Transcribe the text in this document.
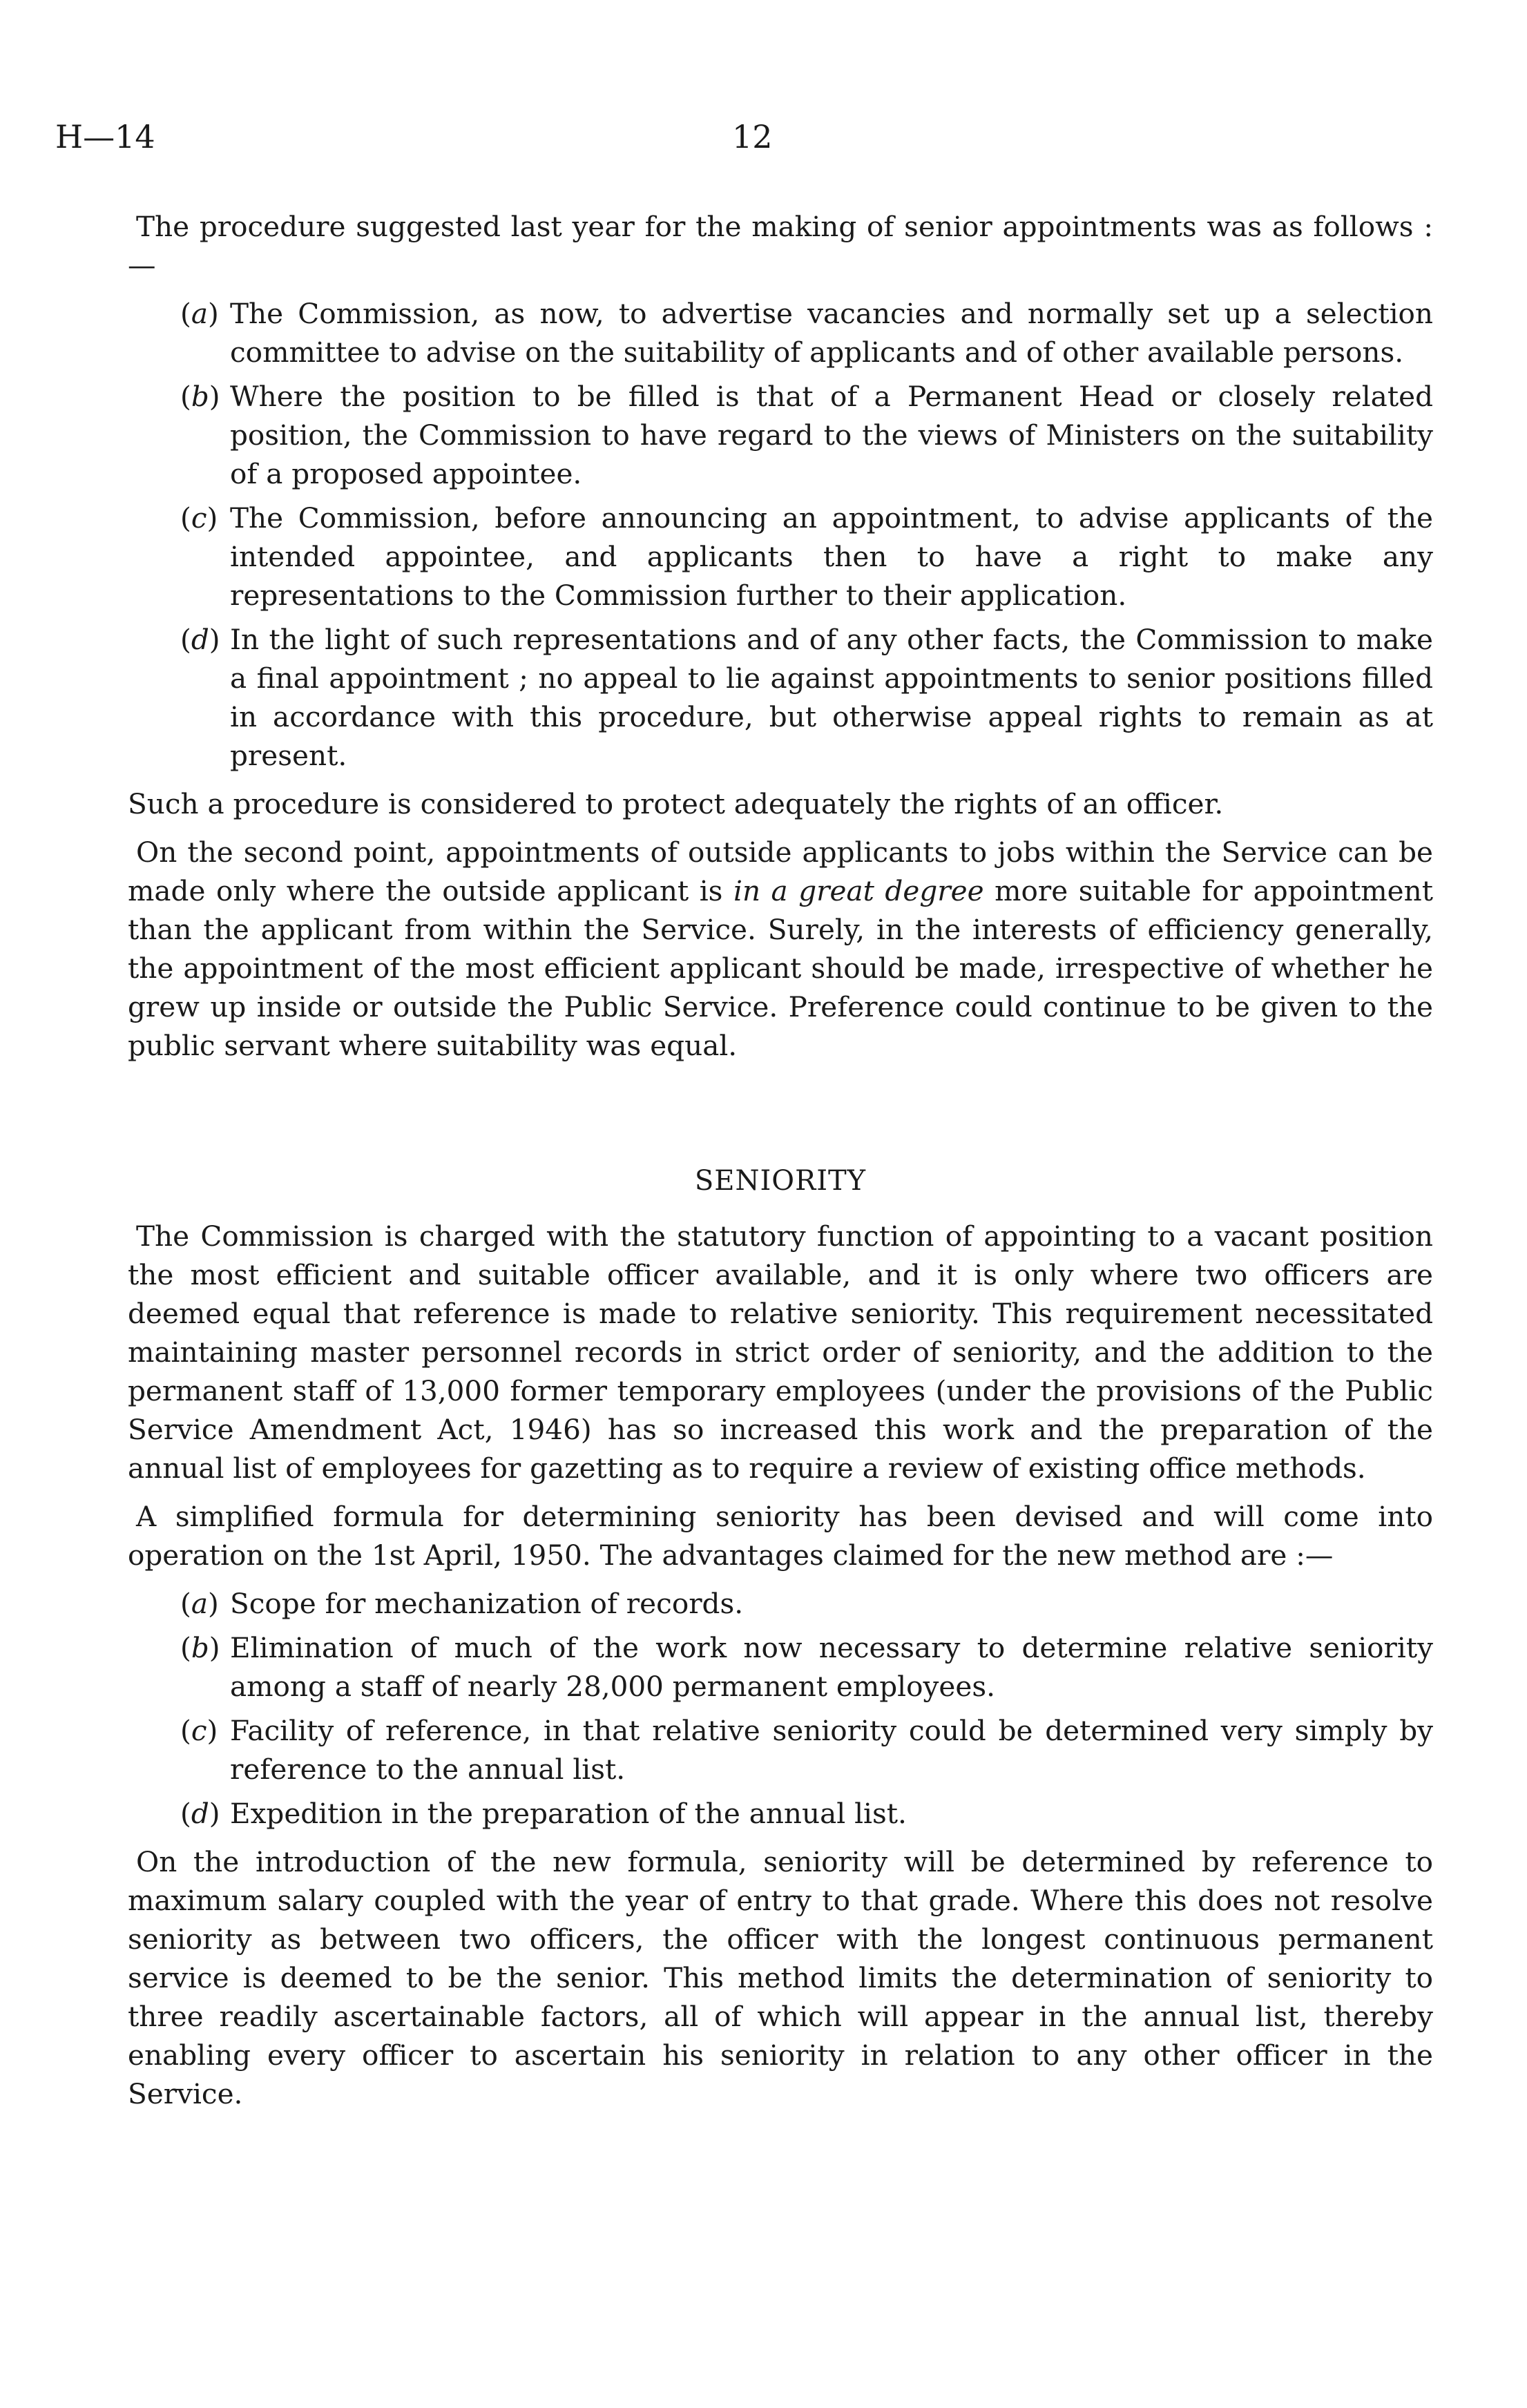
H—14	12

The procedure suggested last year for the making of senior appointments was as follows :—

(a) The Commission, as now, to advertise vacancies and normally set up a selection committee to advise on the suitability of applicants and of other available persons.
(b) Where the position to be filled is that of a Permanent Head or closely related position, the Commission to have regard to the views of Ministers on the suitability of a proposed appointee.
(c) The Commission, before announcing an appointment, to advise applicants of the intended appointee, and applicants then to have a right to make any representations to the Commission further to their application.
(d) In the light of such representations and of any other facts, the Commission to make a final appointment ; no appeal to lie against appointments to senior positions filled in accordance with this procedure, but otherwise appeal rights to remain as at present.

Such a procedure is considered to protect adequately the rights of an officer.

On the second point, appointments of outside applicants to jobs within the Service can be made only where the outside applicant is in a great degree more suitable for appointment than the applicant from within the Service. Surely, in the interests of efficiency generally, the appointment of the most efficient applicant should be made, irrespective of whether he grew up inside or outside the Public Service. Preference could continue to be given to the public servant where suitability was equal.

SENIORITY

The Commission is charged with the statutory function of appointing to a vacant position the most efficient and suitable officer available, and it is only where two officers are deemed equal that reference is made to relative seniority. This requirement necessitated maintaining master personnel records in strict order of seniority, and the addition to the permanent staff of 13,000 former temporary employees (under the provisions of the Public Service Amendment Act, 1946) has so increased this work and the preparation of the annual list of employees for gazetting as to require a review of existing office methods.

A simplified formula for determining seniority has been devised and will come into operation on the 1st April, 1950. The advantages claimed for the new method are :—

(a) Scope for mechanization of records.
(b) Elimination of much of the work now necessary to determine relative seniority among a staff of nearly 28,000 permanent employees.
(c) Facility of reference, in that relative seniority could be determined very simply by reference to the annual list.
(d) Expedition in the preparation of the annual list.

On the introduction of the new formula, seniority will be determined by reference to maximum salary coupled with the year of entry to that grade. Where this does not resolve seniority as between two officers, the officer with the longest continuous permanent service is deemed to be the senior. This method limits the determination of seniority to three readily ascertainable factors, all of which will appear in the annual list, thereby enabling every officer to ascertain his seniority in relation to any other officer in the Service.
